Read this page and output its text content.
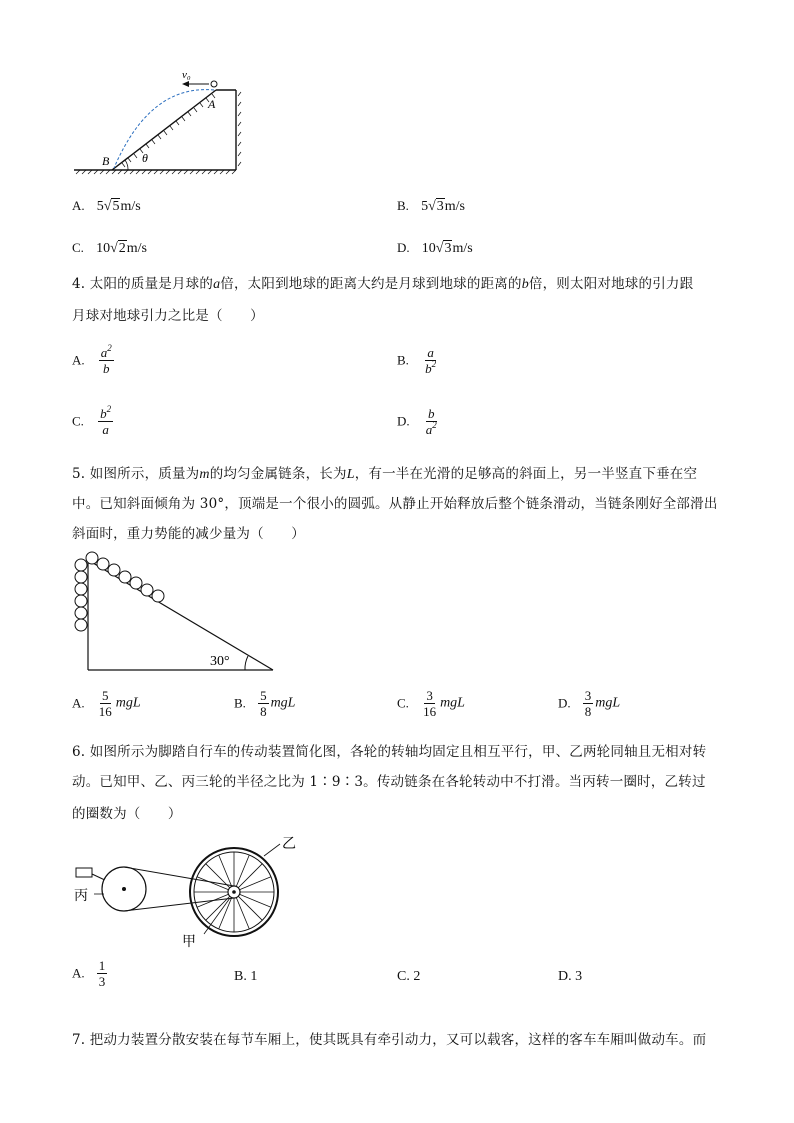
v₀
A
B	θ
A. 5√5m/s	B. 5√3m/s
C. 10√2m/s	D. 10√3m/s
4. 太阳的质量是月球的a倍，太阳到地球的距离大约是月球到地球的距离的b倍，则太阳对地球的引力跟
月球对地球引力之比是（　　）
A. $\frac{a^2}{b}$	B. $\frac{a}{b^2}$
C. $\frac{b^2}{a}$	D. $\frac{b}{a^2}$
5. 如图所示，质量为m的均匀金属链条，长为L，有一半在光滑的足够高的斜面上，另一半竖直下垂在空
中。已知斜面倾角为 30°，顶端是一个很小的圆弧。从静止开始释放后整个链条滑动，当链条刚好全部滑出
斜面时，重力势能的减少量为（　　）
30°
A. $\frac{5}{16}$ mgL	B. $\frac{5}{8}$ mgL	C. $\frac{3}{16}$ mgL	D. $\frac{3}{8}$ mgL
6. 如图所示为脚踏自行车的传动装置简化图，各轮的转轴均固定且相互平行，甲、乙两轮同轴且无相对转
动。已知甲、乙、丙三轮的半径之比为 1∶9∶3。传动链条在各轮转动中不打滑。当丙转一圈时，乙转过
的圈数为（　　）
丙
乙
甲
A. $\frac{1}{3}$	B. 1	C. 2	D. 3
7. 把动力装置分散安装在每节车厢上，使其既具有牵引动力，又可以载客，这样的客车车厢叫做动车。而
